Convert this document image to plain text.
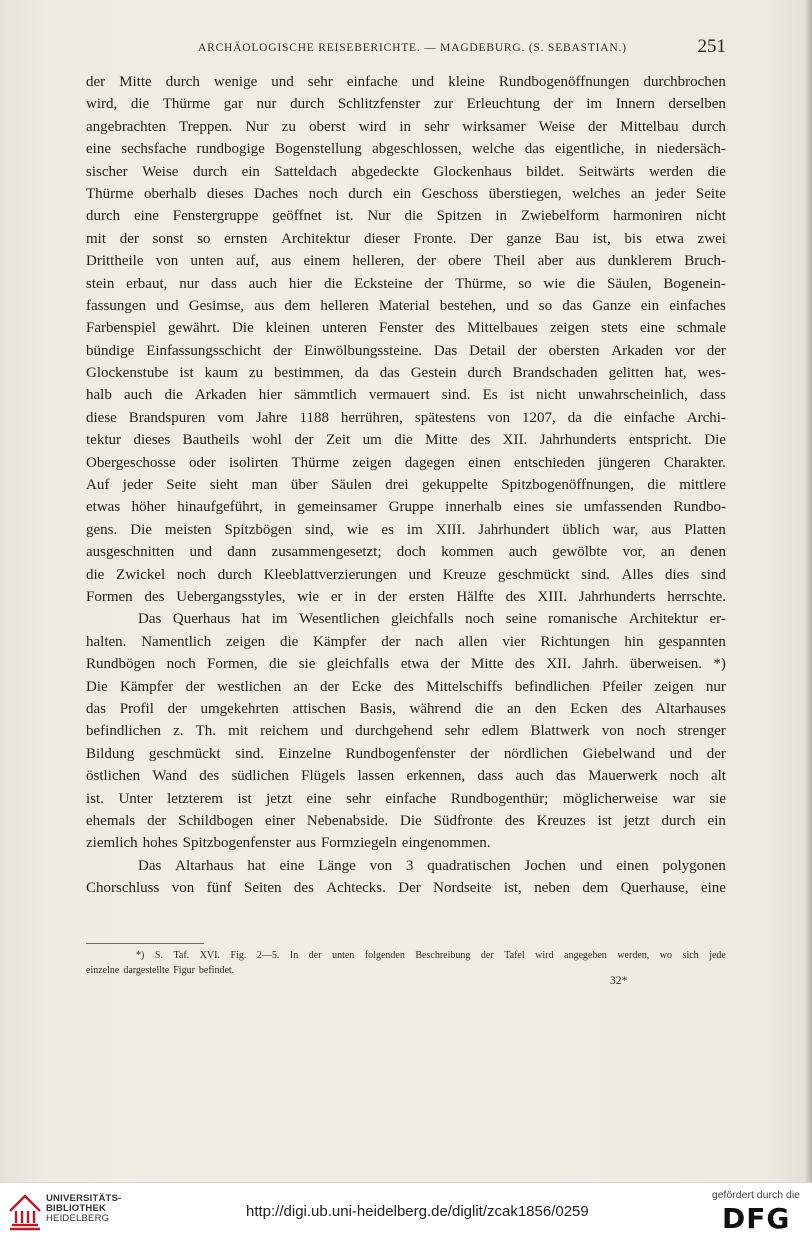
ARCHÄOLOGISCHE REISEBERICHTE. — MAGDEBURG. (S. SEBASTIAN.)	251
der Mitte durch wenige und sehr einfache und kleine Rundbogenöffnungen durchbrochen
wird, die Thürme gar nur durch Schlitzfenster zur Erleuchtung der im Innern derselben
angebrachten Treppen. Nur zu oberst wird in sehr wirksamer Weise der Mittelbau durch
eine sechsfache rundbogige Bogenstellung abgeschlossen, welche das eigentliche, in niedersäch-
sischer Weise durch ein Satteldach abgedeckte Glockenhaus bildet. Seitwärts werden die
Thürme oberhalb dieses Daches noch durch ein Geschoss überstiegen, welches an jeder Seite
durch eine Fenstergruppe geöffnet ist. Nur die Spitzen in Zwiebelform harmoniren nicht
mit der sonst so ernsten Architektur dieser Fronte. Der ganze Bau ist, bis etwa zwei
Drittheile von unten auf, aus einem helleren, der obere Theil aber aus dunklerem Bruch-
stein erbaut, nur dass auch hier die Ecksteine der Thürme, so wie die Säulen, Bogenein-
fassungen und Gesimse, aus dem helleren Material bestehen, und so das Ganze ein einfaches
Farbenspiel gewährt. Die kleinen unteren Fenster des Mittelbaues zeigen stets eine schmale
bündige Einfassungsschicht der Einwölbungssteine. Das Detail der obersten Arkaden vor der
Glockenstube ist kaum zu bestimmen, da das Gestein durch Brandschaden gelitten hat, wes-
halb auch die Arkaden hier sämmtlich vermauert sind. Es ist nicht unwahrscheinlich, dass
diese Brandspuren vom Jahre 1188 herrühren, spätestens von 1207, da die einfache Archi-
tektur dieses Bautheils wohl der Zeit um die Mitte des XII. Jahrhunderts entspricht. Die
Obergeschosse oder isolirten Thürme zeigen dagegen einen entschieden jüngeren Charakter.
Auf jeder Seite sieht man über Säulen drei gekuppelte Spitzbogenöffnungen, die mittlere
etwas höher hinaufgeführt, in gemeinsamer Gruppe innerhalb eines sie umfassenden Rundbo-
gens. Die meisten Spitzbögen sind, wie es im XIII. Jahrhundert üblich war, aus Platten
ausgeschnitten und dann zusammengesetzt; doch kommen auch gewölbte vor, an denen
die Zwickel noch durch Kleeblattverzierungen und Kreuze geschmückt sind. Alles dies sind
Formen des Uebergangsstyles, wie er in der ersten Hälfte des XIII. Jahrhunderts herrschte.
Das Querhaus hat im Wesentlichen gleichfalls noch seine romanische Architektur er-
halten. Namentlich zeigen die Kämpfer der nach allen vier Richtungen hin gespannten
Rundbögen noch Formen, die sie gleichfalls etwa der Mitte des XII. Jahrh. überweisen. *)
Die Kämpfer der westlichen an der Ecke des Mittelschiffs befindlichen Pfeiler zeigen nur
das Profil der umgekehrten attischen Basis, während die an den Ecken des Altarhauses
befindlichen z. Th. mit reichem und durchgehend sehr edlem Blattwerk von noch strenger
Bildung geschmückt sind. Einzelne Rundbogenfenster der nördlichen Giebelwand und der
östlichen Wand des südlichen Flügels lassen erkennen, dass auch das Mauerwerk noch alt
ist. Unter letzterem ist jetzt eine sehr einfache Rundbogenthür; möglicherweise war sie
ehemals der Schildbogen einer Nebenabside. Die Südfronte des Kreuzes ist jetzt durch ein
ziemlich hohes Spitzbogenfenster aus Formziegeln eingenommen.
Das Altarhaus hat eine Länge von 3 quadratischen Jochen und einen polygonen
Chorschluss von fünf Seiten des Achtecks. Der Nordseite ist, neben dem Querhause, eine
*) S. Taf. XVI. Fig. 2—5. In der unten folgenden Beschreibung der Tafel wird angegeben werden, wo sich jede
einzelne dargestellte Figur befindet.
32*
UNIVERSITÄTS-
BIBLIOTHEK
HEIDELBERG	http://digi.ub.uni-heidelberg.de/diglit/zcak1856/0259
gefördert durch die
DFG
